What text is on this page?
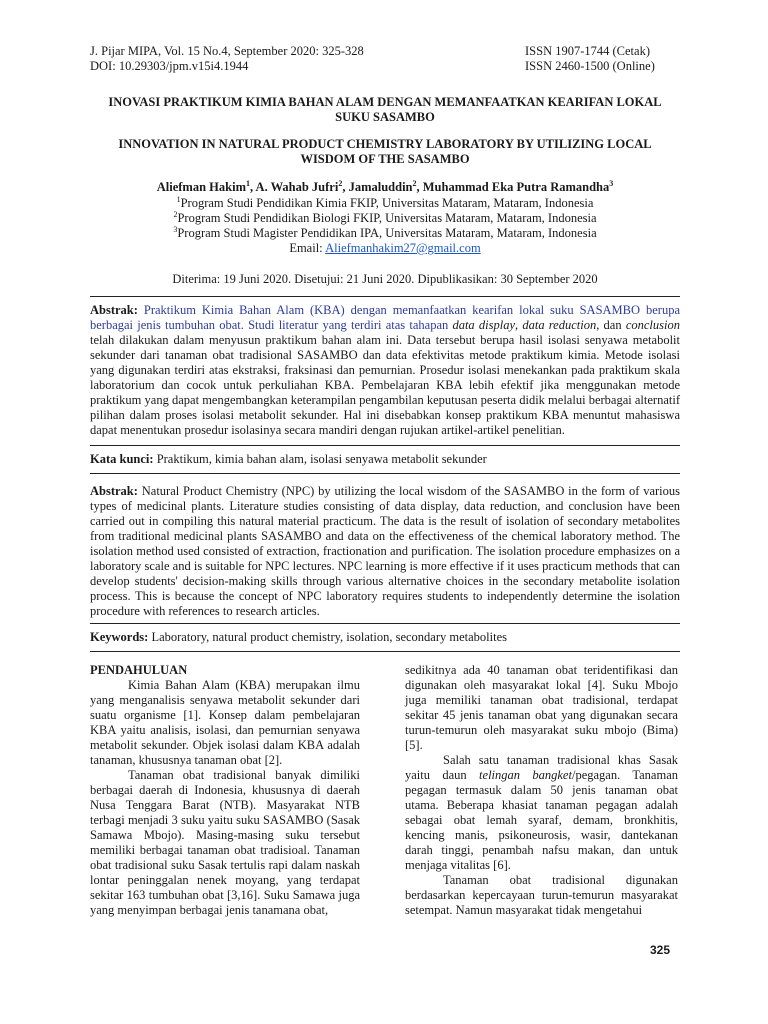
J. Pijar MIPA, Vol. 15 No.4, September 2020: 325-328
DOI: 10.29303/jpm.v15i4.1944
ISSN 1907-1744 (Cetak)
ISSN 2460-1500 (Online)
INOVASI PRAKTIKUM KIMIA BAHAN ALAM DENGAN MEMANFAATKAN KEARIFAN LOKAL
SUKU SASAMBO
INNOVATION IN NATURAL PRODUCT CHEMISTRY LABORATORY BY UTILIZING LOCAL
WISDOM OF THE SASAMBO
Aliefman Hakim$^1$, A. Wahab Jufri$^2$, Jamaluddin$^2$, Muhammad Eka Putra Ramandha$^3$
$^1$Program Studi Pendidikan Kimia FKIP, Universitas Mataram, Mataram, Indonesia
$^2$Program Studi Pendidikan Biologi FKIP, Universitas Mataram, Mataram, Indonesia
$^3$Program Studi Magister Pendidikan IPA, Universitas Mataram, Mataram, Indonesia
Email: Aliefmanhakim27@gmail.com
Diterima: 19 Juni 2020. Disetujui: 21 Juni 2020. Dipublikasikan: 30 September 2020
Abstrak: Praktikum Kimia Bahan Alam (KBA) dengan memanfaatkan kearifan lokal suku SASAMBO berupa berbagai jenis tumbuhan obat. Studi literatur yang terdiri atas tahapan data display, data reduction, dan conclusion telah dilakukan dalam menyusun praktikum bahan alam ini. Data tersebut berupa hasil isolasi senyawa metabolit sekunder dari tanaman obat tradisional SASAMBO dan data efektivitas metode praktikum kimia. Metode isolasi yang digunakan terdiri atas ekstraksi, fraksinasi dan pemurnian. Prosedur isolasi menekankan pada praktikum skala laboratorium dan cocok untuk perkuliahan KBA. Pembelajaran KBA lebih efektif jika menggunakan metode praktikum yang dapat mengembangkan keterampilan pengambilan keputusan peserta didik melalui berbagai alternatif pilihan dalam proses isolasi metabolit sekunder. Hal ini disebabkan konsep praktikum KBA menuntut mahasiswa dapat menentukan prosedur isolasinya secara mandiri dengan rujukan artikel-artikel penelitian.
Kata kunci: Praktikum, kimia bahan alam, isolasi senyawa metabolit sekunder
Abstrak: Natural Product Chemistry (NPC) by utilizing the local wisdom of the SASAMBO in the form of various types of medicinal plants. Literature studies consisting of data display, data reduction, and conclusion have been carried out in compiling this natural material practicum. The data is the result of isolation of secondary metabolites from traditional medicinal plants SASAMBO and data on the effectiveness of the chemical laboratory method. The isolation method used consisted of extraction, fractionation and purification. The isolation procedure emphasizes on a laboratory scale and is suitable for NPC lectures. NPC learning is more effective if it uses practicum methods that can develop students' decision-making skills through various alternative choices in the secondary metabolite isolation process. This is because the concept of NPC laboratory requires students to independently determine the isolation procedure with references to research articles.
Keywords: Laboratory, natural product chemistry, isolation, secondary metabolites

PENDAHULUAN

Kimia Bahan Alam (KBA) merupakan ilmu yang menganalisis senyawa metabolit sekunder dari suatu organisme [1]. Konsep dalam pembelajaran KBA yaitu analisis, isolasi, dan pemurnian senyawa metabolit sekunder. Objek isolasi dalam KBA adalah tanaman, khususnya tanaman obat [2].

Tanaman obat tradisional banyak dimiliki berbagai daerah di Indonesia, khususnya di daerah Nusa Tenggara Barat (NTB). Masyarakat NTB terbagi menjadi 3 suku yaitu suku SASAMBO (Sasak Samawa Mbojo). Masing-masing suku tersebut memiliki berbagai tanaman obat tradisioal. Tanaman obat tradisional suku Sasak tertulis rapi dalam naskah lontar peninggalan nenek moyang, yang terdapat sekitar 163 tumbuhan obat [3,16]. Suku Samawa juga yang menyimpan berbagai jenis tanamana obat,

sedikitnya ada 40 tanaman obat teridentifikasi dan digunakan oleh masyarakat lokal [4]. Suku Mbojo juga memiliki tanaman obat tradisional, terdapat sekitar 45 jenis tanaman obat yang digunakan secara turun-temurun oleh masyarakat suku mbojo (Bima) [5].

Salah satu tanaman tradisional khas Sasak yaitu daun telingan bangket/pegagan. Tanaman pegagan termasuk dalam 50 jenis tanaman obat utama. Beberapa khasiat tanaman pegagan adalah sebagai obat lemah syaraf, demam, bronkhitis, kencing manis, psikoneurosis, wasir, dantekanan darah tinggi, penambah nafsu makan, dan untuk menjaga vitalitas [6].

Tanaman obat tradisional digunakan berdasarkan kepercayaan turun-temurun masyarakat setempat. Namun masyarakat tidak mengetahui

325
